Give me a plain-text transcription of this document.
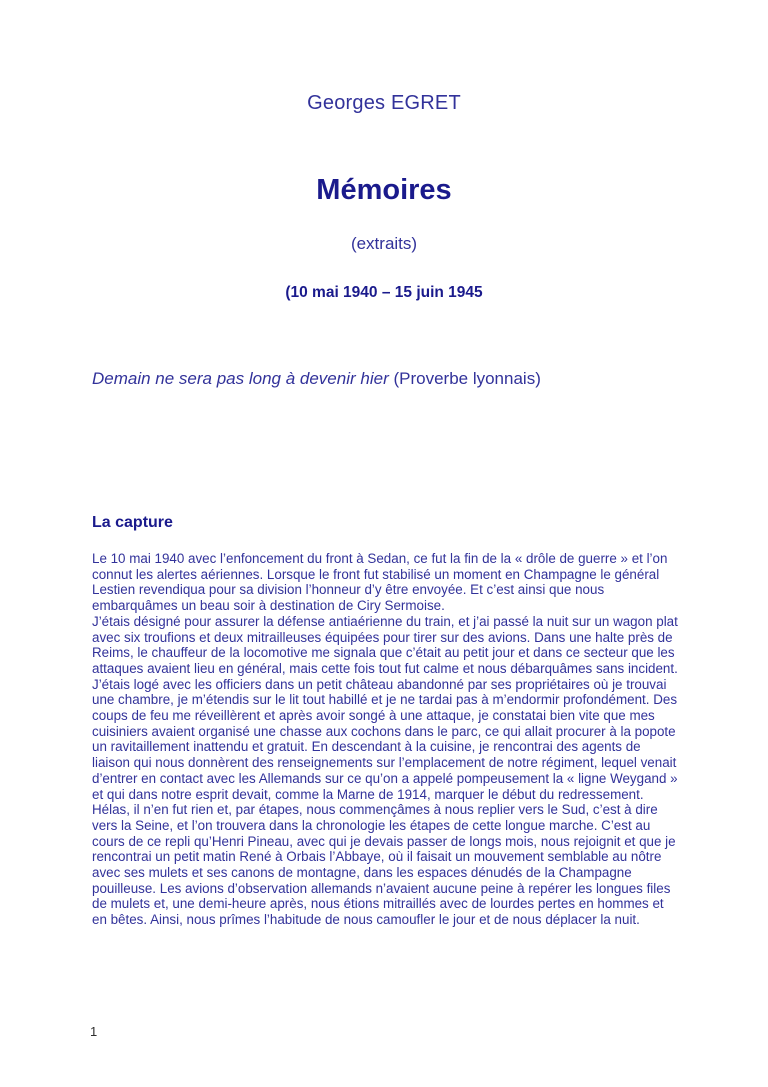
Georges EGRET
Mémoires
(extraits)
(10 mai 1940 – 15 juin 1945
Demain ne sera pas long à devenir hier (Proverbe lyonnais)
La capture

Le 10 mai 1940 avec l’enfoncement du front à Sedan, ce fut la fin de la « drôle de guerre » et l’on connut les alertes aériennes. Lorsque le front fut stabilisé un moment en Champagne le général Lestien revendiqua pour sa division l’honneur d’y être envoyée. Et c’est ainsi que nous embarquâmes un beau soir à destination de Ciry Sermoise.

J’étais désigné pour assurer la défense antiaérienne du train, et j’ai passé la nuit sur un wagon plat avec six troufions et deux mitrailleuses équipées pour tirer sur des avions. Dans une halte près de Reims, le chauffeur de la locomotive me signala que c’était au petit jour et dans ce secteur que les attaques avaient lieu en général, mais cette fois tout fut calme et nous débarquâmes sans incident.

J’étais logé avec les officiers dans un petit château abandonné par ses propriétaires où je trouvai une chambre, je m’étendis sur le lit tout habillé et je ne tardai pas à m’endormir profondément. Des coups de feu me réveillèrent et après avoir songé à une attaque, je constatai bien vite que mes cuisiniers avaient organisé une chasse aux cochons dans le parc, ce qui allait procurer à la popote un ravitaillement inattendu et gratuit. En descendant à la cuisine, je rencontrai des agents de liaison qui nous donnèrent des renseignements sur l’emplacement de notre régiment, lequel venait d’entrer en contact avec les Allemands sur ce qu’on a appelé pompeusement la « ligne Weygand » et qui dans notre esprit devait, comme la Marne de 1914, marquer le début du redressement.

Hélas, il n’en fut rien et, par étapes, nous commençâmes à nous replier vers le Sud, c’est à dire vers la Seine, et l’on trouvera dans la chronologie les étapes de cette longue marche. C’est au cours de ce repli qu’Henri Pineau, avec qui je devais passer de longs mois, nous rejoignit et que je rencontrai un petit matin René à Orbais l’Abbaye, où il faisait un mouvement semblable au nôtre avec ses mulets et ses canons de montagne, dans les espaces dénudés de la Champagne pouilleuse. Les avions d’observation allemands n’avaient aucune peine à repérer les longues files de mulets et, une demi-heure après, nous étions mitraillés avec de lourdes pertes en hommes et en bêtes. Ainsi, nous prîmes l’habitude de nous camoufler le jour et de nous déplacer la nuit.

1
